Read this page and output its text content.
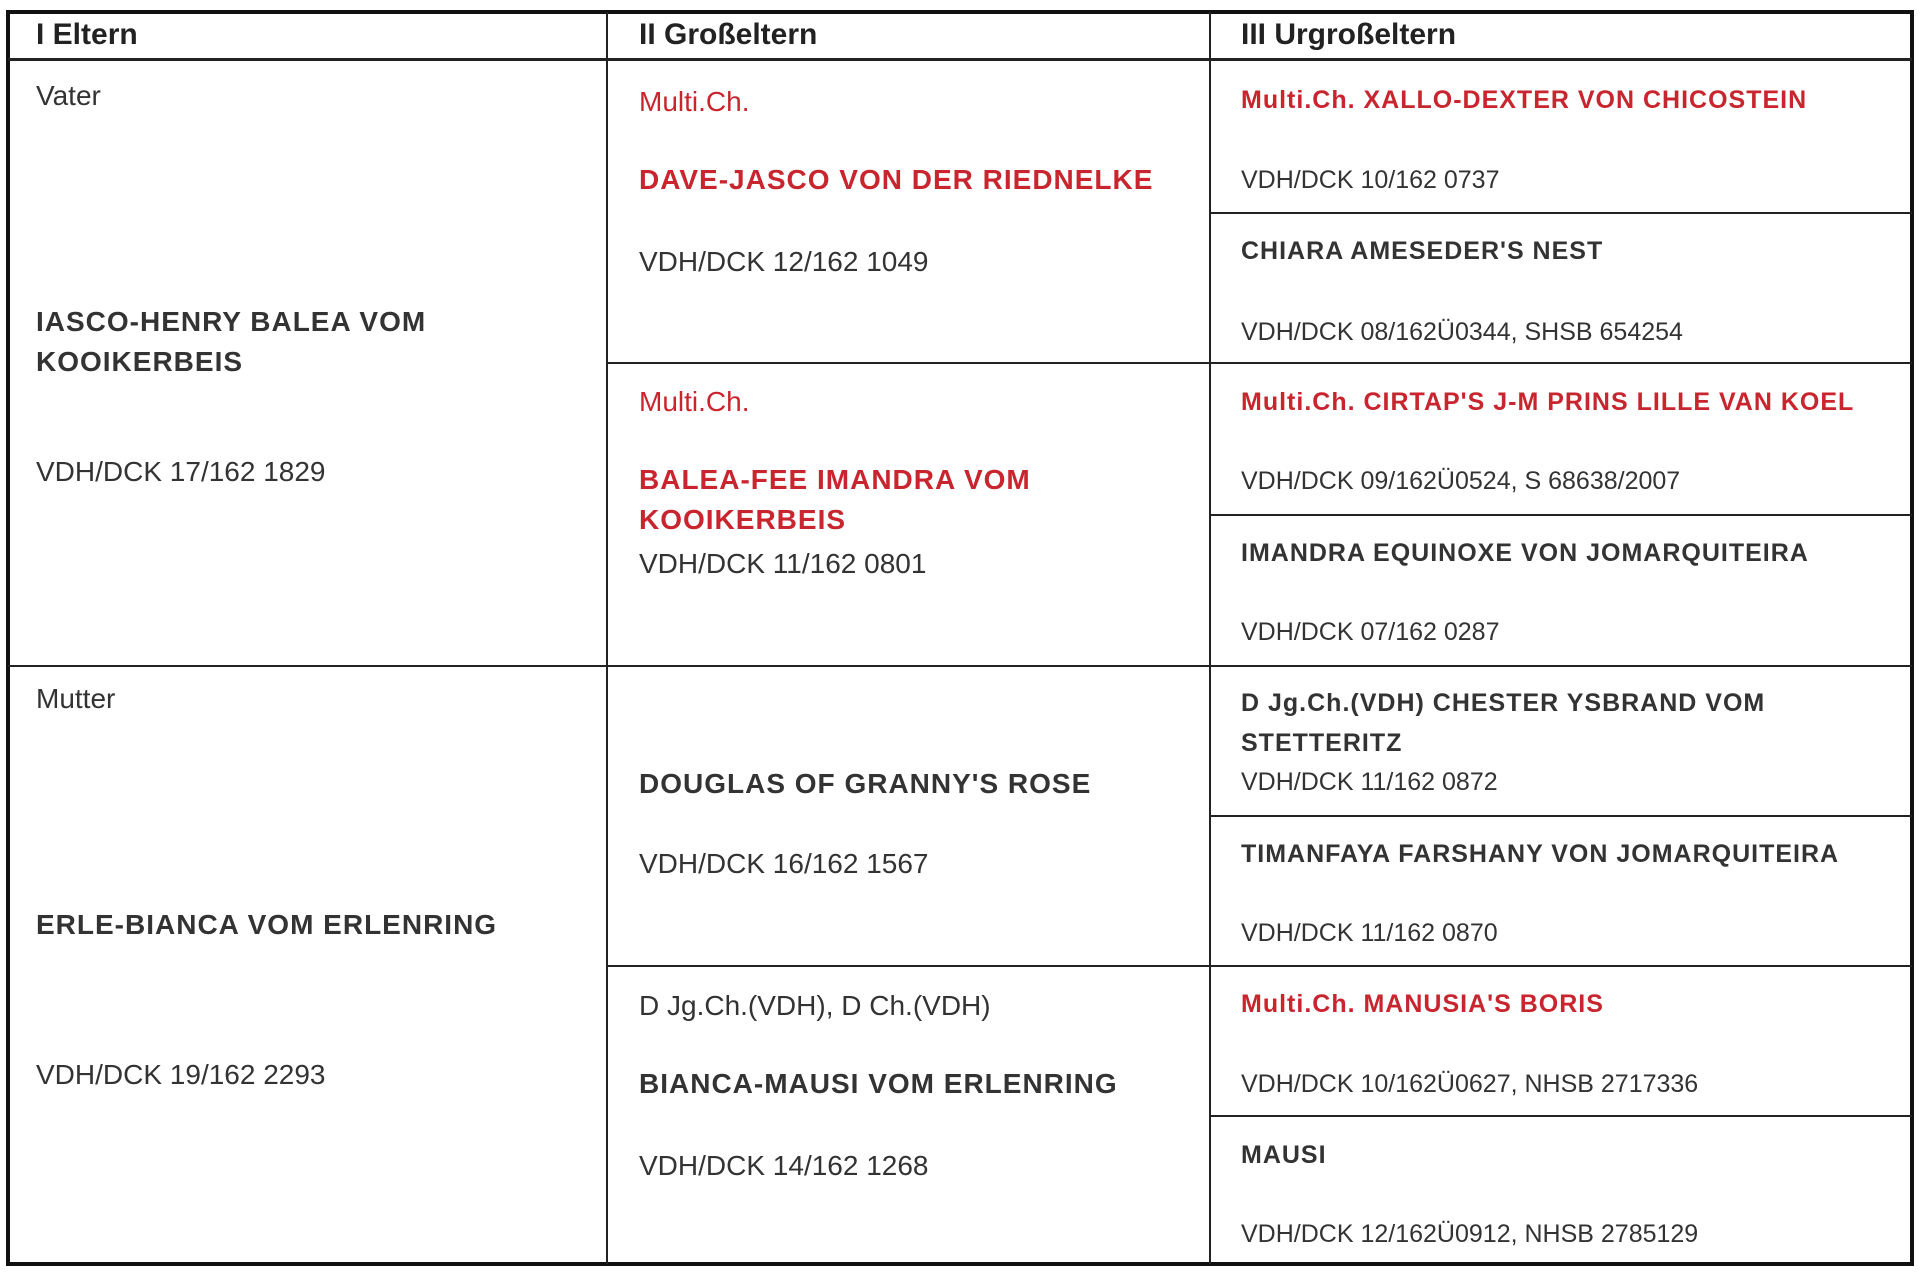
I Eltern	II Großeltern	III Urgroßeltern
Vater
IASCO-HENRY BALEA VOM KOOIKERBEIS
VDH/DCK 17/162 1829
Mutter
ERLE-BIANCA VOM ERLENRING
VDH/DCK 19/162 2293
Multi.Ch.
DAVE-JASCO VON DER RIEDNELKE
VDH/DCK 12/162 1049
Multi.Ch.
BALEA-FEE IMANDRA VOM KOOIKERBEIS
VDH/DCK 11/162 0801
DOUGLAS OF GRANNY'S ROSE
VDH/DCK 16/162 1567
D Jg.Ch.(VDH), D Ch.(VDH)
BIANCA-MAUSI VOM ERLENRING
VDH/DCK 14/162 1268
Multi.Ch. XALLO-DEXTER VON CHICOSTEIN
VDH/DCK 10/162 0737
CHIARA AMESEDER'S NEST
VDH/DCK 08/162Ü0344, SHSB 654254
Multi.Ch. CIRTAP'S J-M PRINS LILLE VAN KOEL
VDH/DCK 09/162Ü0524, S 68638/2007
IMANDRA EQUINOXE VON JOMARQUITEIRA
VDH/DCK 07/162 0287
D Jg.Ch.(VDH) CHESTER YSBRAND VOM STETTERITZ
VDH/DCK 11/162 0872
TIMANFAYA FARSHANY VON JOMARQUITEIRA
VDH/DCK 11/162 0870
Multi.Ch. MANUSIA'S BORIS
VDH/DCK 10/162Ü0627, NHSB 2717336
MAUSI
VDH/DCK 12/162Ü0912, NHSB 2785129
